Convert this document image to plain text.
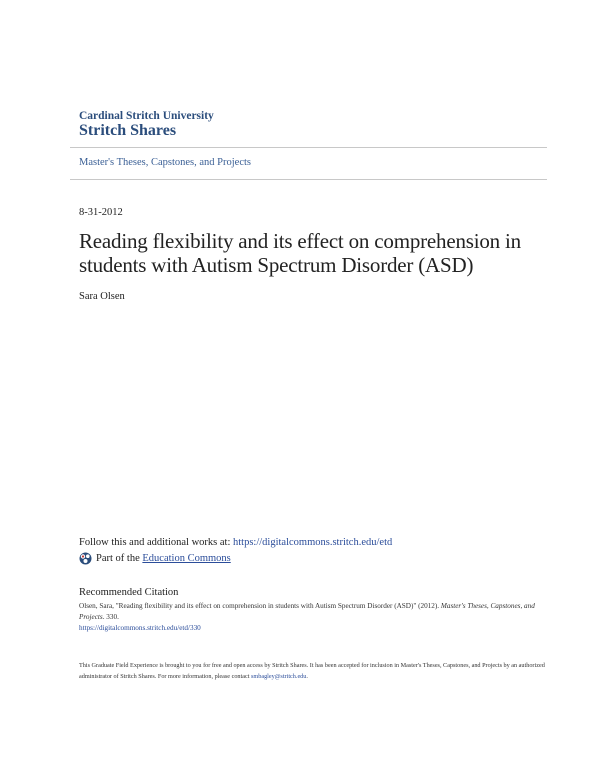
Cardinal Stritch University
Stritch Shares
Master's Theses, Capstones, and Projects
8-31-2012
Reading flexibility and its effect on comprehension in students with Autism Spectrum Disorder (ASD)
Sara Olsen
Follow this and additional works at: https://digitalcommons.stritch.edu/etd
Part of the
Education Commons
Recommended Citation
Olsen, Sara, "Reading flexibility and its effect on comprehension in students with Autism Spectrum Disorder (ASD)" (2012). Master's Theses, Capstones, and Projects. 330.
https://digitalcommons.stritch.edu/etd/330
This Graduate Field Experience is brought to you for free and open access by Stritch Shares. It has been accepted for inclusion in Master's Theses, Capstones, and Projects by an authorized administrator of Stritch Shares. For more information, please contact smbagley@stritch.edu.
